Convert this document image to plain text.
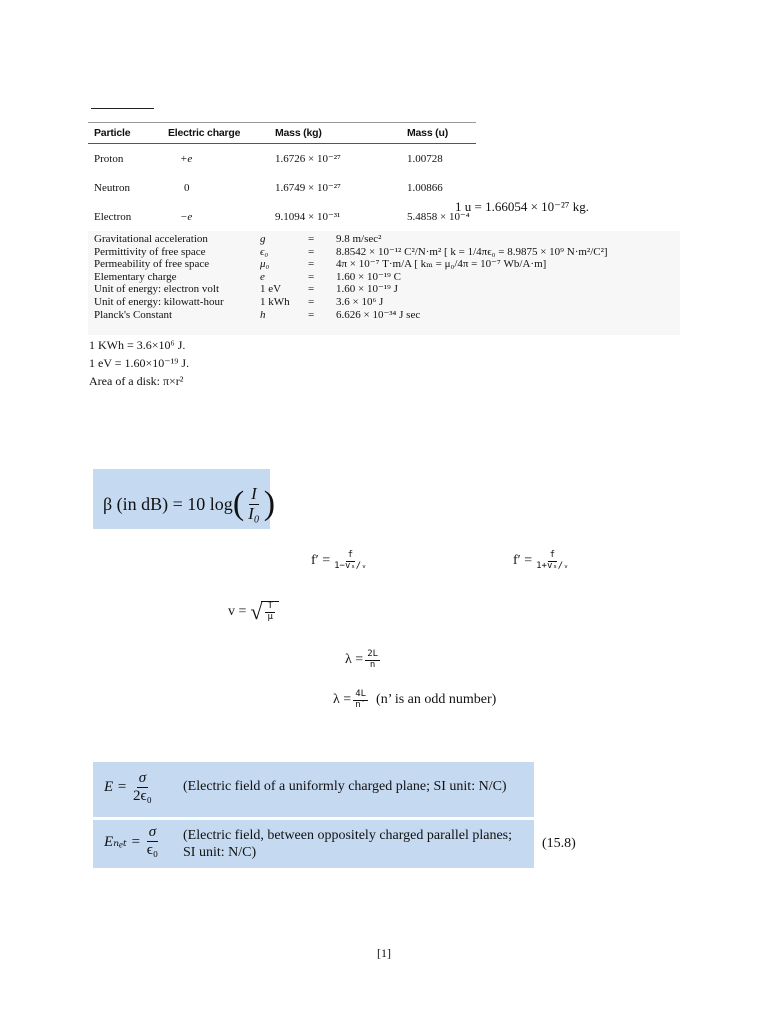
Particle	Electric charge	Mass (kg)	Mass (u)
Proton	+e	1.6726 × 10⁻²⁷	1.00728
Neutron	0	1.6749 × 10⁻²⁷	1.00866
Electron	−e	9.1094 × 10⁻³¹	5.4858 × 10⁻⁴
1 u = 1.66054 × 10⁻²⁷ kg.
Gravitational acceleration	g	=	9.8 m/sec²
Permittivity of free space	ϵ₀	=	8.8542 × 10⁻¹² C²/N·m² [ k = 1/4πϵ₀ = 8.9875 × 10⁹ N·m²/C²]
Permeability of free space	μ₀	=	4π × 10⁻⁷ T·m/A [ kₘ = μ₀/4π = 10⁻⁷ Wb/A·m]
Elementary charge	e	=	1.60 × 10⁻¹⁹ C
Unit of energy: electron volt	1 eV	=	1.60 × 10⁻¹⁹ J
Unit of energy: kilowatt-hour	1 kWh	=	3.6 × 10⁶ J
Planck's Constant	h	=	6.626 × 10⁻³⁴ J sec
1 KWh = 3.6×10⁶ J.
1 eV = 1.60×10⁻¹⁹ J.
Area of a disk: π×r²
β (in dB) = 10 log ( $\frac{I}{\text{I₀}}$ )
$f' = \frac{f}{\text{1−vₛ/ᵥ}}$	$f' = \frac{f}{\text{1+vₛ/ᵥ}}$
v = √ $\frac{T}{\mu}$
$\lambda = \frac{2L}{n}$
$\lambda = \frac{4L}{n'} (n$’ is an odd number)
$E = \frac{\sigma}{\text{2ϵ₀}}$ (Electric field of a uniformly charged plane; SI unit: N/C)
$E_{net} = \frac{\sigma}{\text{ϵ₀}}$ (Electric field, between oppositely charged parallel planes;
SI unit: N/C)
(15.8)
[1]
